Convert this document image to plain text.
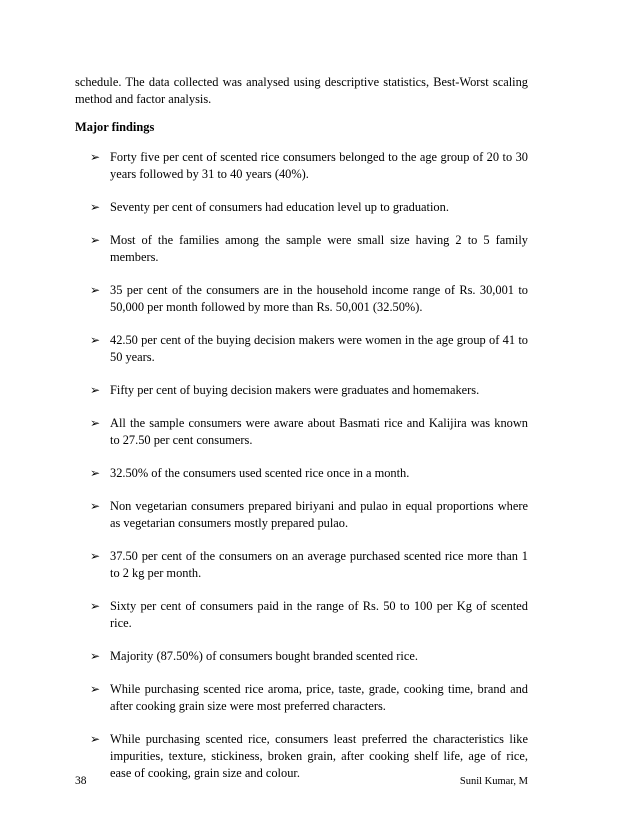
schedule. The data collected was analysed using descriptive statistics, Best-Worst scaling method and factor analysis.

Major findings
➢ Forty five per cent of scented rice consumers belonged to the age group of 20 to 30 years followed by 31 to 40 years (40%).
➢ Seventy per cent of consumers had education level up to graduation.
➢ Most of the families among the sample were small size having 2 to 5 family members.
➢ 35 per cent of the consumers are in the household income range of Rs. 30,001 to 50,000 per month followed by more than Rs. 50,001 (32.50%).
➢ 42.50 per cent of the buying decision makers were women in the age group of 41 to 50 years.
➢ Fifty per cent of buying decision makers were graduates and homemakers.
➢ All the sample consumers were aware about Basmati rice and Kalijira was known to 27.50 per cent consumers.
➢ 32.50% of the consumers used scented rice once in a month.
➢ Non vegetarian consumers prepared biriyani and pulao in equal proportions where as vegetarian consumers mostly prepared pulao.
➢ 37.50 per cent of the consumers on an average purchased scented rice more than 1 to 2 kg per month.
➢ Sixty per cent of consumers paid in the range of Rs. 50 to 100 per Kg of scented rice.
➢ Majority (87.50%) of consumers bought branded scented rice.
➢ While purchasing scented rice aroma, price, taste, grade, cooking time, brand and after cooking grain size were most preferred characters.
➢ While purchasing scented rice, consumers least preferred the characteristics like impurities, texture, stickiness, broken grain, after cooking shelf life, age of rice, ease of cooking, grain size and colour.
38	Sunil Kumar, M
